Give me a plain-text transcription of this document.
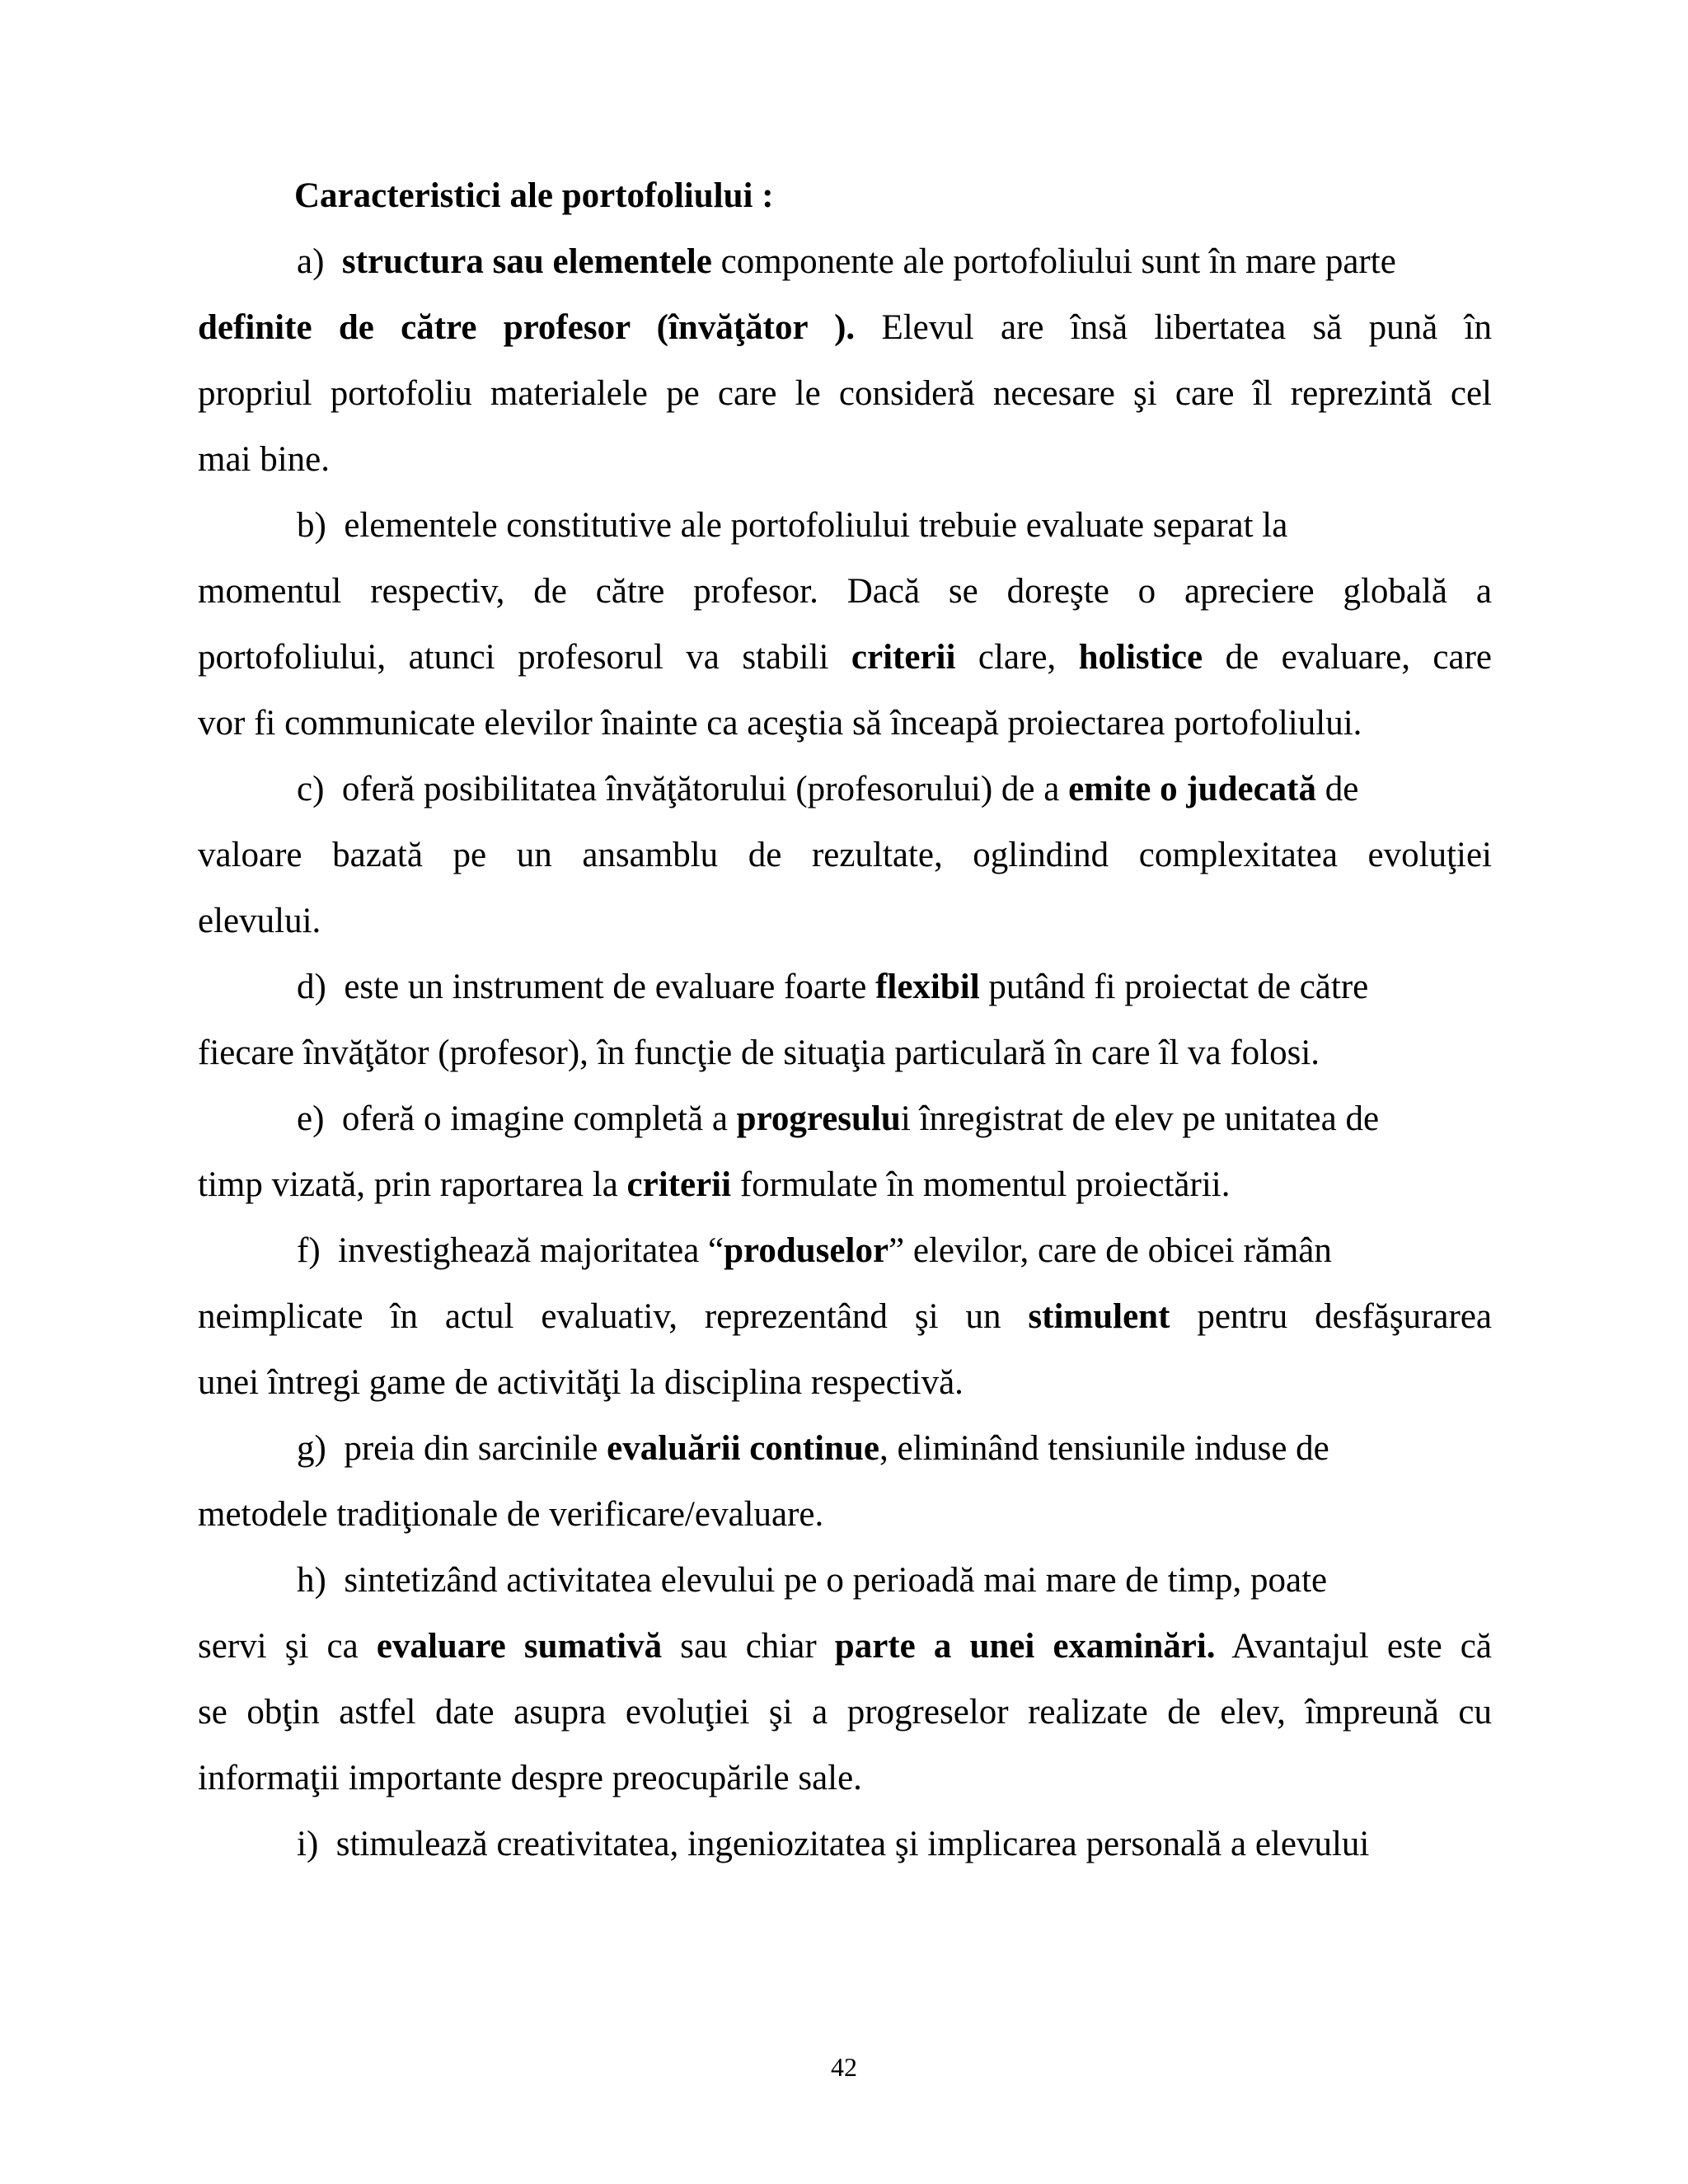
Caracteristici ale portofoliului :
a) structura sau elementele componente ale portofoliului sunt în mare parte
definite de către profesor (învăţător ). Elevul are însă libertatea să pună în
propriul portofoliu materialele pe care le consideră necesare şi care îl reprezintă cel
mai bine.
b) elementele constitutive ale portofoliului trebuie evaluate separat la
momentul respectiv, de către profesor. Dacă se doreşte o apreciere globală a
portofoliului, atunci profesorul va stabili criterii clare, holistice de evaluare, care
vor fi communicate elevilor înainte ca aceştia să înceapă proiectarea portofoliului.
c) oferă posibilitatea învăţătorului (profesorului) de a emite o judecată de
valoare bazată pe un ansamblu de rezultate, oglindind complexitatea evoluţiei
elevului.
d) este un instrument de evaluare foarte flexibil putând fi proiectat de către
fiecare învăţător (profesor), în funcţie de situaţia particulară în care îl va folosi.
e) oferă o imagine completă a progresului înregistrat de elev pe unitatea de
timp vizată, prin raportarea la criterii formulate în momentul proiectării.
f) investighează majoritatea “produselor” elevilor, care de obicei rămân
neimplicate în actul evaluativ, reprezentând şi un stimulent pentru desfăşurarea
unei întregi game de activităţi la disciplina respectivă.
g) preia din sarcinile evaluării continue, eliminând tensiunile induse de
metodele tradiţionale de verificare/evaluare.
h) sintetizând activitatea elevului pe o perioadă mai mare de timp, poate
servi şi ca evaluare sumativă sau chiar parte a unei examinări. Avantajul este că
se obţin astfel date asupra evoluţiei şi a progreselor realizate de elev, împreună cu
informaţii importante despre preocupările sale.
i) stimulează creativitatea, ingeniozitatea şi implicarea personală a elevului
42
